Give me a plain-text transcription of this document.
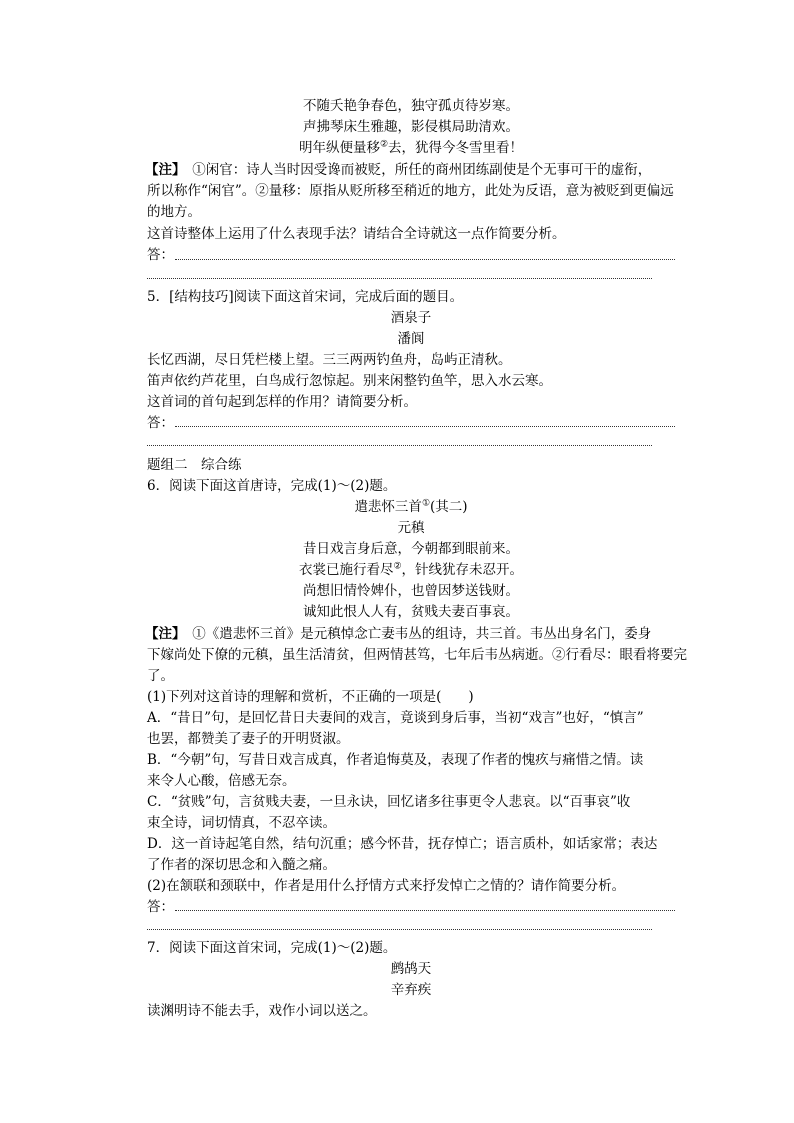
不随夭艳争春色，独守孤贞待岁寒。
声拂琴床生雅趣，影侵棋局助清欢。
明年纵便量移②去，犹得今冬雪里看！
【注】  ①闲官：诗人当时因受谗而被贬，所任的商州团练副使是个无事可干的虚衔，
所以称作“闲官”。②量移：原指从贬所移至稍近的地方，此处为反语，意为被贬到更偏远
的地方。
这首诗整体上运用了什么表现手法？请结合全诗就这一点作简要分析。
答：
5．[结构技巧]阅读下面这首宋词，完成后面的题目。
酒泉子
潘阆
长忆西湖，尽日凭栏楼上望。三三两两钓鱼舟，岛屿正清秋。
笛声依约芦花里，白鸟成行忽惊起。别来闲整钓鱼竿，思入水云寒。
这首词的首句起到怎样的作用？请简要分析。
答：
题组二　综合练
6．阅读下面这首唐诗，完成(1)～(2)题。
遣悲怀三首①(其二)
元稹
昔日戏言身后意，今朝都到眼前来。
衣裳已施行看尽②，针线犹存未忍开。
尚想旧情怜婢仆，也曾因梦送钱财。
诚知此恨人人有，贫贱夫妻百事哀。
【注】  ①《遣悲怀三首》是元稹悼念亡妻韦丛的组诗，共三首。韦丛出身名门，委身
下嫁尚处下僚的元稹，虽生活清贫，但两情甚笃，七年后韦丛病逝。②行看尽：眼看将要完
了。
(1)下列对这首诗的理解和赏析，不正确的一项是(　　)
A．“昔日”句，是回忆昔日夫妻间的戏言，竟谈到身后事，当初“戏言”也好，“慎言”
也罢，都赞美了妻子的开明贤淑。
B．“今朝”句，写昔日戏言成真，作者追悔莫及，表现了作者的愧疚与痛惜之情。读
来令人心酸，倍感无奈。
C．“贫贱”句，言贫贱夫妻，一旦永诀，回忆诸多往事更令人悲哀。以“百事哀”收
束全诗，词切情真，不忍卒读。
D．这一首诗起笔自然，结句沉重；感今怀昔，抚存悼亡；语言质朴，如话家常；表达
了作者的深切思念和入髓之痛。
(2)在颔联和颈联中，作者是用什么抒情方式来抒发悼亡之情的？请作简要分析。
答：
7．阅读下面这首宋词，完成(1)～(2)题。
鹧鸪天
辛弃疾
读渊明诗不能去手，戏作小词以送之。
